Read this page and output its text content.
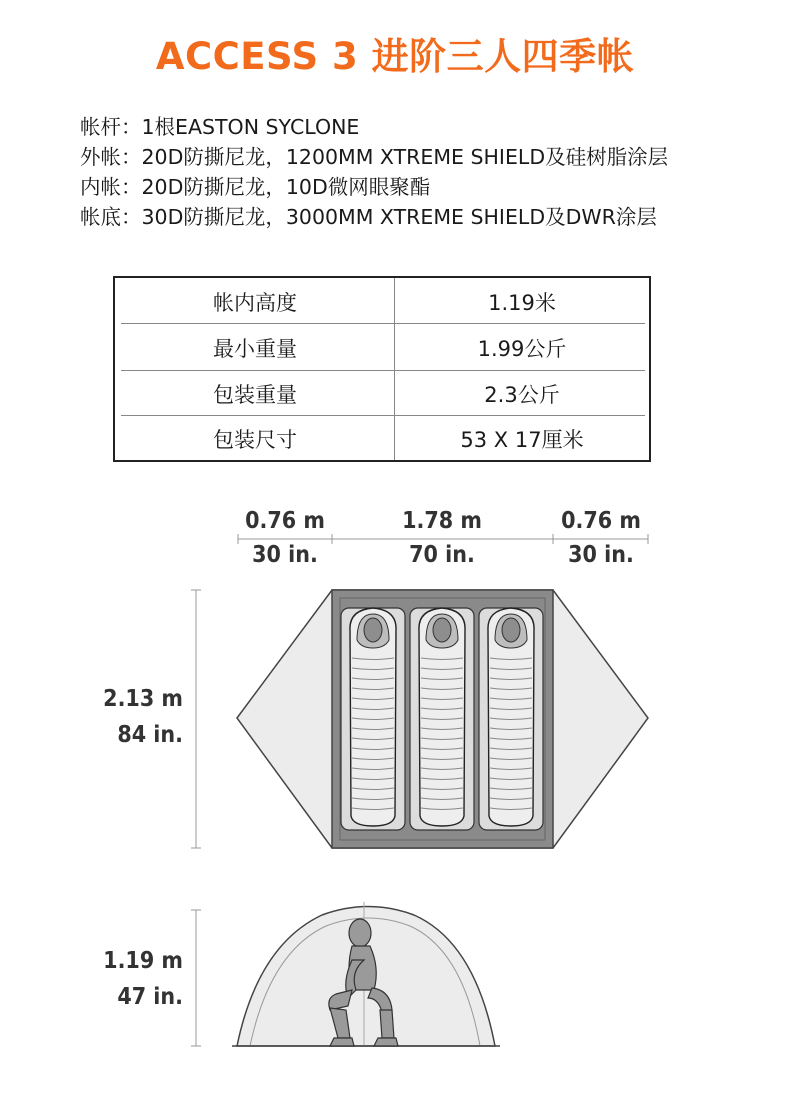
ACCESS 3 进阶三人四季帐
帐杆：1根EASTON SYCLONE
外帐：20D防撕尼龙，1200MM XTREME SHIELD及硅树脂涂层
内帐：20D防撕尼龙，10D微网眼聚酯
帐底：30D防撕尼龙，3000MM XTREME SHIELD及DWR涂层
帐内高度	1.19米
最小重量	1.99公斤
包装重量	2.3公斤
包装尺寸	53 X 17厘米
0.76 m
30 in.
1.78 m
70 in.
0.76 m
30 in.
2.13 m
84 in.
1.19 m
47 in.
